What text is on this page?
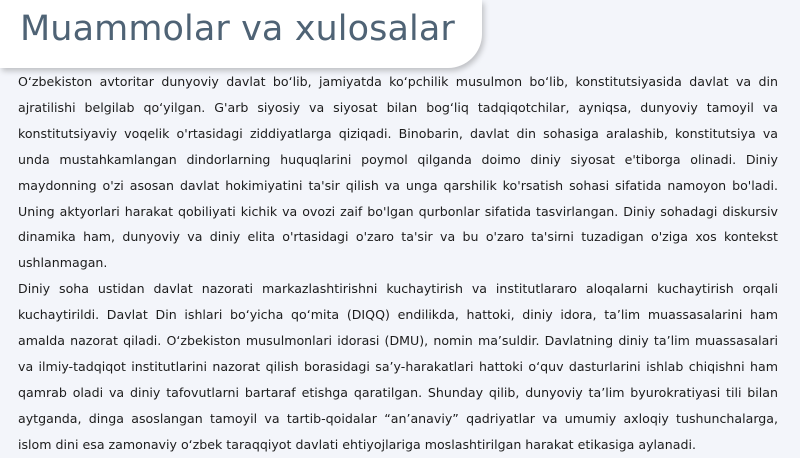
Muammolar va xulosalar

O‘zbekiston avtoritar dunyoviy davlat bo‘lib, jamiyatda ko‘pchilik musulmon bo‘lib, konstitutsiyasida davlat va din ajratilishi belgilab qo‘yilgan. G'arb siyosiy va siyosat bilan bog‘liq tadqiqotchilar, ayniqsa, dunyoviy tamoyil va konstitutsiyaviy voqelik o'rtasidagi ziddiyatlarga qiziqadi. Binobarin, davlat din sohasiga aralashib, konstitutsiya va unda mustahkamlangan dindorlarning huquqlarini poymol qilganda doimo diniy siyosat e'tiborga olinadi. Diniy maydonning o'zi asosan davlat hokimiyatini ta'sir qilish va unga qarshilik ko'rsatish sohasi sifatida namoyon bo'ladi. Uning aktyorlari harakat qobiliyati kichik va ovozi zaif bo'lgan qurbonlar sifatida tasvirlangan. Diniy sohadagi diskursiv dinamika ham, dunyoviy va diniy elita o'rtasidagi o'zaro ta'sir va bu o'zaro ta'sirni tuzadigan o'ziga xos kontekst ushlanmagan.

Diniy soha ustidan davlat nazorati markazlashtirishni kuchaytirish va institutlararo aloqalarni kuchaytirish orqali kuchaytirildi. Davlat Din ishlari bo‘yicha qo‘mita (DIQQ) endilikda, hattoki, diniy idora, ta’lim muassasalarini ham amalda nazorat qiladi. O‘zbekiston musulmonlari idorasi (DMU), nomin ma’suldir. Davlatning diniy ta’lim muassasalari va ilmiy-tadqiqot institutlarini nazorat qilish borasidagi sa’y-harakatlari hattoki o‘quv dasturlarini ishlab chiqishni ham qamrab oladi va diniy tafovutlarni bartaraf etishga qaratilgan. Shunday qilib, dunyoviy ta’lim byurokratiyasi tili bilan aytganda, dinga asoslangan tamoyil va tartib-qoidalar “an’anaviy” qadriyatlar va umumiy axloqiy tushunchalarga, islom dini esa zamonaviy o‘zbek taraqqiyot davlati ehtiyojlariga moslashtirilgan harakat etikasiga aylanadi.
